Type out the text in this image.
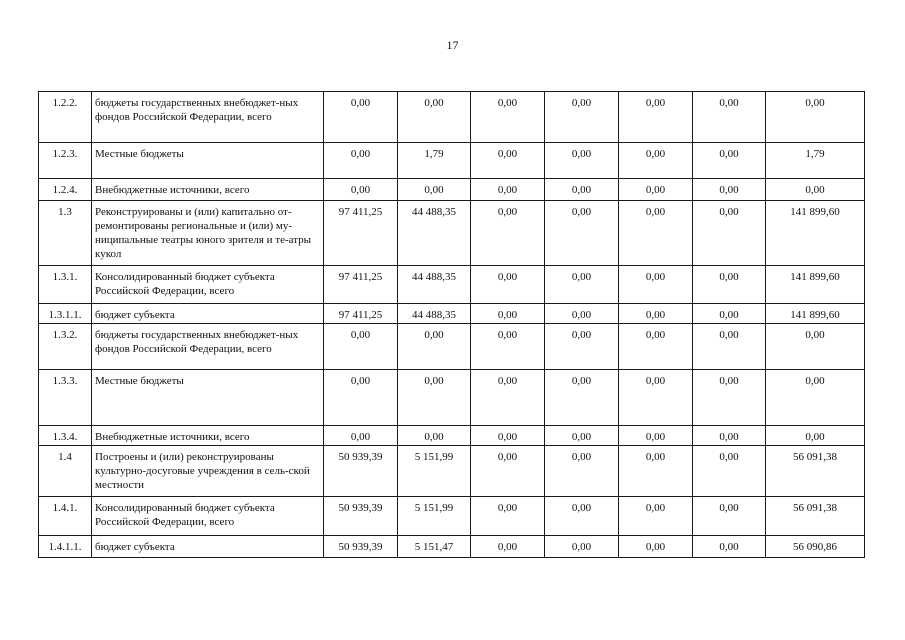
17
1.2.2.	бюджеты государственных внебюджет-ных фондов Российской Федерации, всего	0,00	0,00	0,00	0,00	0,00	0,00	0,00
1.2.3.	Местные бюджеты	0,00	1,79	0,00	0,00	0,00	0,00	1,79
1.2.4.	Внебюджетные источники, всего	0,00	0,00	0,00	0,00	0,00	0,00	0,00
1.3	Реконструированы и (или) капитально от-ремонтированы региональные и (или) му-ниципальные театры юного зрителя и те-атры кукол	97 411,25	44 488,35	0,00	0,00	0,00	0,00	141 899,60
1.3.1.	Консолидированный бюджет субъекта Российской Федерации, всего	97 411,25	44 488,35	0,00	0,00	0,00	0,00	141 899,60
1.3.1.1.	бюджет субъекта	97 411,25	44 488,35	0,00	0,00	0,00	0,00	141 899,60
1.3.2.	бюджеты государственных внебюджет-ных фондов Российской Федерации, всего	0,00	0,00	0,00	0,00	0,00	0,00	0,00
1.3.3.	Местные бюджеты	0,00	0,00	0,00	0,00	0,00	0,00	0,00
1.3.4.	Внебюджетные источники, всего	0,00	0,00	0,00	0,00	0,00	0,00	0,00
1.4	Построены и (или) реконструированы культурно-досуговые учреждения в сель-ской местности	50 939,39	5 151,99	0,00	0,00	0,00	0,00	56 091,38
1.4.1.	Консолидированный бюджет субъекта Российской Федерации, всего	50 939,39	5 151,99	0,00	0,00	0,00	0,00	56 091,38
1.4.1.1.	бюджет субъекта	50 939,39	5 151,47	0,00	0,00	0,00	0,00	56 090,86
